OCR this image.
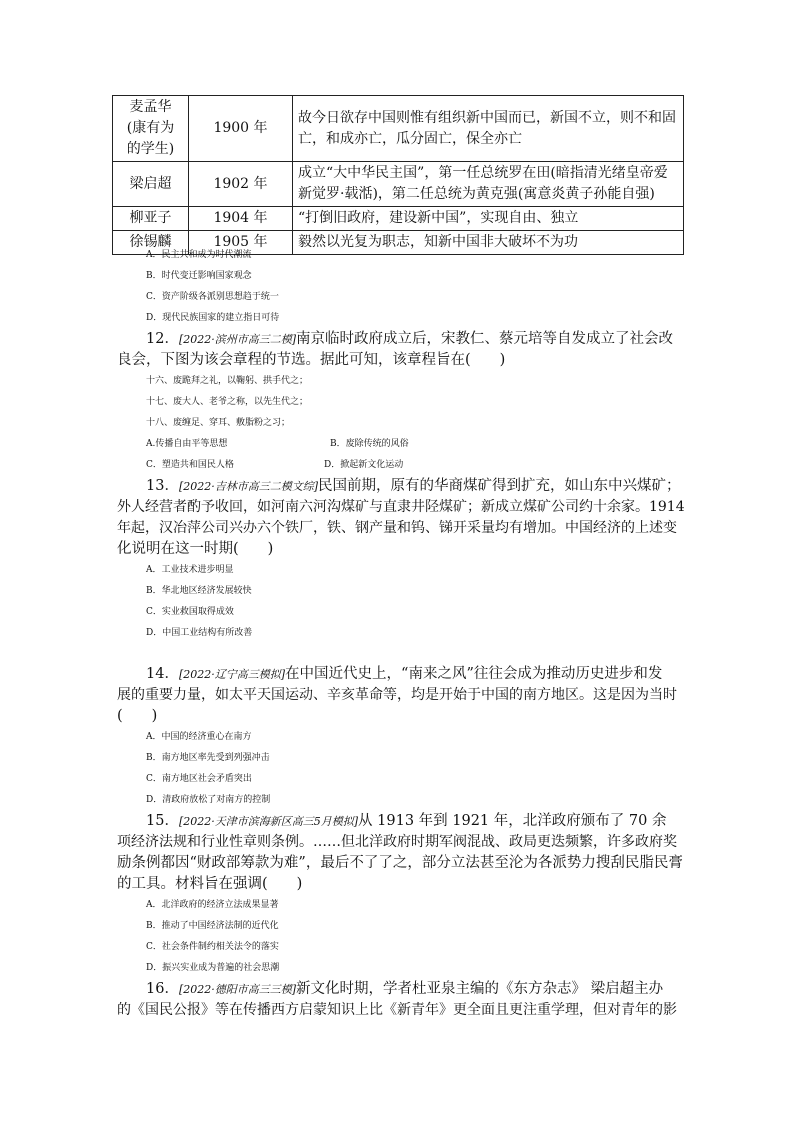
麦孟华
(康有为
的学生)	1900 年	故今日欲存中国则惟有组织新中国而已，新国不立，则不和固亡，和成亦亡，瓜分固亡，保全亦亡
梁启超	1902 年	成立“大中华民主国”，第一任总统罗在田(暗指清光绪皇帝爱新觉罗·载湉)，第二任总统为黄克强(寓意炎黄子孙能自强)
柳亚子	1904 年	“打倒旧政府，建设新中国”，实现自由、独立
徐锡麟	1905 年	毅然以光复为职志，知新中国非大破坏不为功
A．民主共和成为时代潮流
B．时代变迁影响国家观念
C．资产阶级各派别思想趋于统一
D．现代民族国家的建立指日可待
12．[2022·滨州市高三二模]南京临时政府成立后，宋教仁、蔡元培等自发成立了社会改
良会，下图为该会章程的节选。据此可知，该章程旨在(　　)
十六、废跪拜之礼，以鞠躬、拱手代之；
十七、废大人、老爷之称，以先生代之；
十八、废缠足、穿耳、敷脂粉之习；
A.传播自由平等思想	B．废除传统的风俗
C．塑造共和国民人格	D．掀起新文化运动
13．[2022·吉林市高三二模文综]民国前期，原有的华商煤矿得到扩充，如山东中兴煤矿；
外人经营者酌予收回，如河南六河沟煤矿与直隶井陉煤矿；新成立煤矿公司约十余家。1914
年起，汉冶萍公司兴办六个铁厂，铁、钢产量和钨、锑开采量均有增加。中国经济的上述变
化说明在这一时期(　　)
A．工业技术进步明显
B．华北地区经济发展较快
C．实业救国取得成效
D．中国工业结构有所改善
14．[2022·辽宁高三模拟]在中国近代史上，“南来之风”往往会成为推动历史进步和发
展的重要力量，如太平天国运动、辛亥革命等，均是开始于中国的南方地区。这是因为当时
(　　)
A．中国的经济重心在南方
B．南方地区率先受到列强冲击
C．南方地区社会矛盾突出
D．清政府放松了对南方的控制
15．[2022·天津市滨海新区高三5月模拟]从 1913 年到 1921 年，北洋政府颁布了 70 余
项经济法规和行业性章则条例。……但北洋政府时期军阀混战、政局更迭频繁，许多政府奖
励条例都因“财政部筹款为难”，最后不了了之，部分立法甚至沦为各派势力搜刮民脂民膏
的工具。材料旨在强调(　　)
A．北洋政府的经济立法成果显著
B．推动了中国经济法制的近代化
C．社会条件制约相关法令的落实
D．振兴实业成为普遍的社会思潮
16．[2022·德阳市高三三模]新文化时期，学者杜亚泉主编的《东方杂志》 梁启超主办
的《国民公报》等在传播西方启蒙知识上比《新青年》更全面且更注重学理，但对青年的影
